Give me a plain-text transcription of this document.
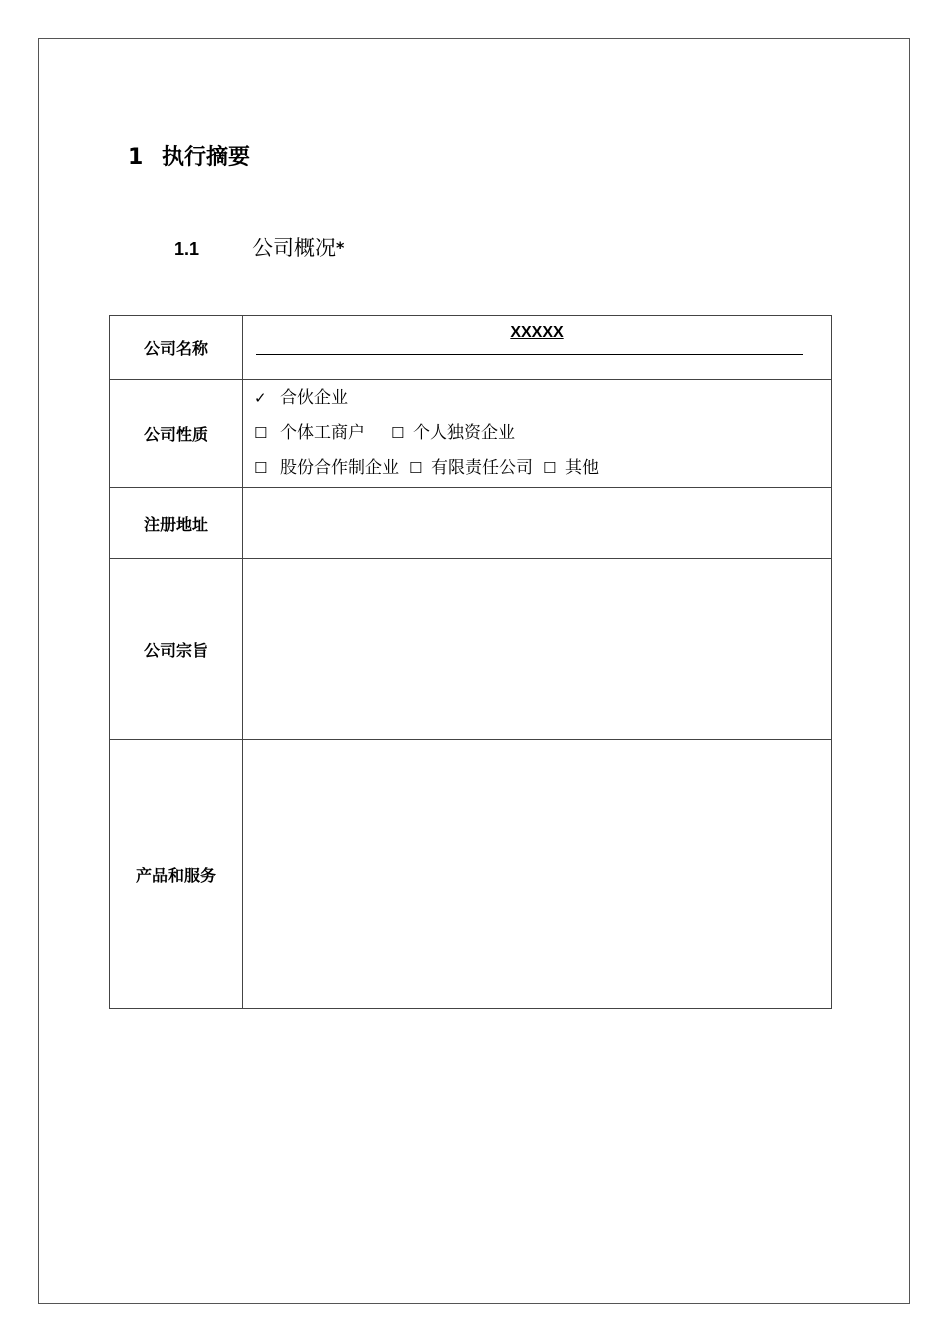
1 执行摘要
1.1	公司概况*
公司名称	XXXXX

公司性质	✓ 合伙企业
☐ 个体工商户 ☐ 个人独资企业
☐ 股份合作制企业 ☐ 有限责任公司 ☐ 其他

注册地址	
公司宗旨	
产品和服务	
